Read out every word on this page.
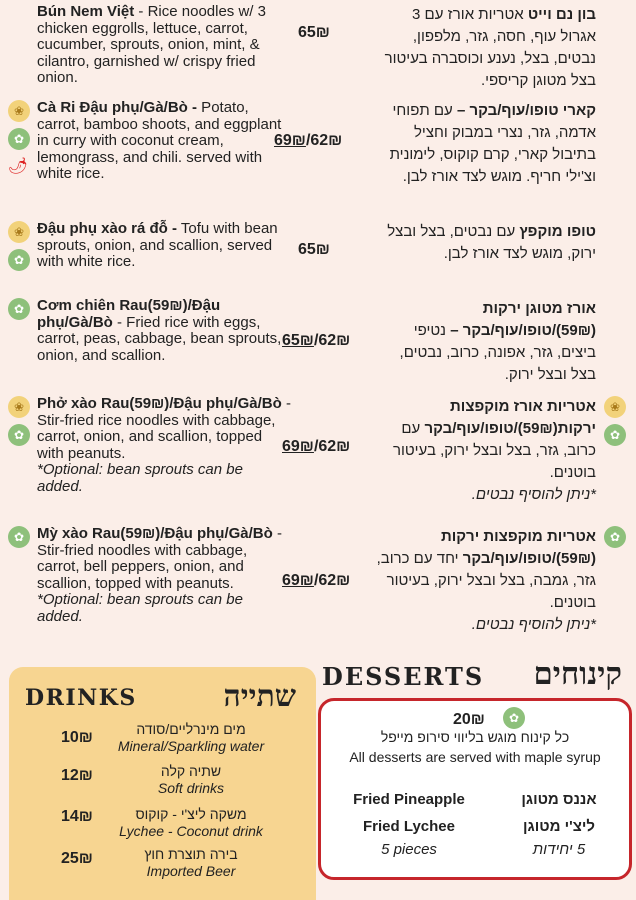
Bún Nem Việt - Rice noodles w/ 3 chicken eggrolls, lettuce, carrot, cucumber, sprouts, onion, mint, & cilantro, garnished w/ crispy fried onion.
65₪
בון נם וייט אטריות אורז עם 3 אגרול עוף, חסה, גזר, מלפפון, נבטים, בצל, נענע וכוסברה בעיטור בצל מטוגן קריספי.
❀
✿
🌶
Cà Ri Đậu phụ/Gà/Bò - Potato, carrot, bamboo shoots, and eggplant in curry with coconut cream, lemongrass, and chili. served with white rice.
69₪/62₪
קארי טופו/עוף/בקר – עם תפוחי אדמה, גזר, נצרי במבוק וחציל בתיבול קארי, קרם קוקוס, לימונית וצ'ילי חריף. מוגש לצד אורז לבן.
❀
✿
Đậu phụ xào rá đỗ - Tofu with bean sprouts, onion, and scallion, served with white rice.
65₪
טופו מוקפץ עם נבטים, בצל ובצל ירוק, מוגש לצד אורז לבן.
✿ Cơm chiên Rau(59₪)/Đậu phụ/Gà/Bò - Fried rice with eggs, carrot, peas, cabbage, bean sprouts, onion, and scallion.
65₪/62₪
אורז מטוגן ירקות (59₪)/טופו/עוף/בקר – נטיפי ביצים, גזר, אפונה, כרוב, נבטים, בצל ובצל ירוק.
❀
✿
❀
✿
Phở xào Rau(59₪)/Đậu phụ/Gà/Bò - Stir-fried rice noodles with cabbage, carrot, onion, and scallion, topped with peanuts.
*Optional: bean sprouts can be added.
69₪/62₪
אטריות אורז מוקפצות ירקות(59₪)/טופו/עוף/בקר עם כרוב, גזר, בצל ובצל ירוק, בעיטור בוטנים.
*ניתן להוסיף נבטים.
✿	✿
Mỳ xào Rau(59₪)/Đậu phụ/Gà/Bò - Stir-fried noodles with cabbage, carrot, bell peppers, onion, and scallion, topped with peanuts.
*Optional: bean sprouts can be added.
69₪/62₪
אטריות מוקפצות ירקות (59₪)/טופו/עוף/בקר יחד עם כרוב, גזר, גמבה, בצל ובצל ירוק, בעיטור בוטנים.
*ניתן להוסיף נבטים.
DRINKS	שתייה
10₪	מים מינרליים/סודה
Mineral/Sparkling water
12₪	שתיה קלה
Soft drinks
14₪	משקה ליצ'י - קוקוס
Lychee - Coconut drink
25₪	בירה תוצרת חוץ
Imported Beer
DESSERTS קינוחים
20₪	✿
כל קינוח מוגש בליווי סירופ מייפל
All desserts are served with maple syrup
Fried Pineapple	אננס מטוגן
Fried Lychee	ליצ'י מטוגן
5 pieces	5 יחידות
